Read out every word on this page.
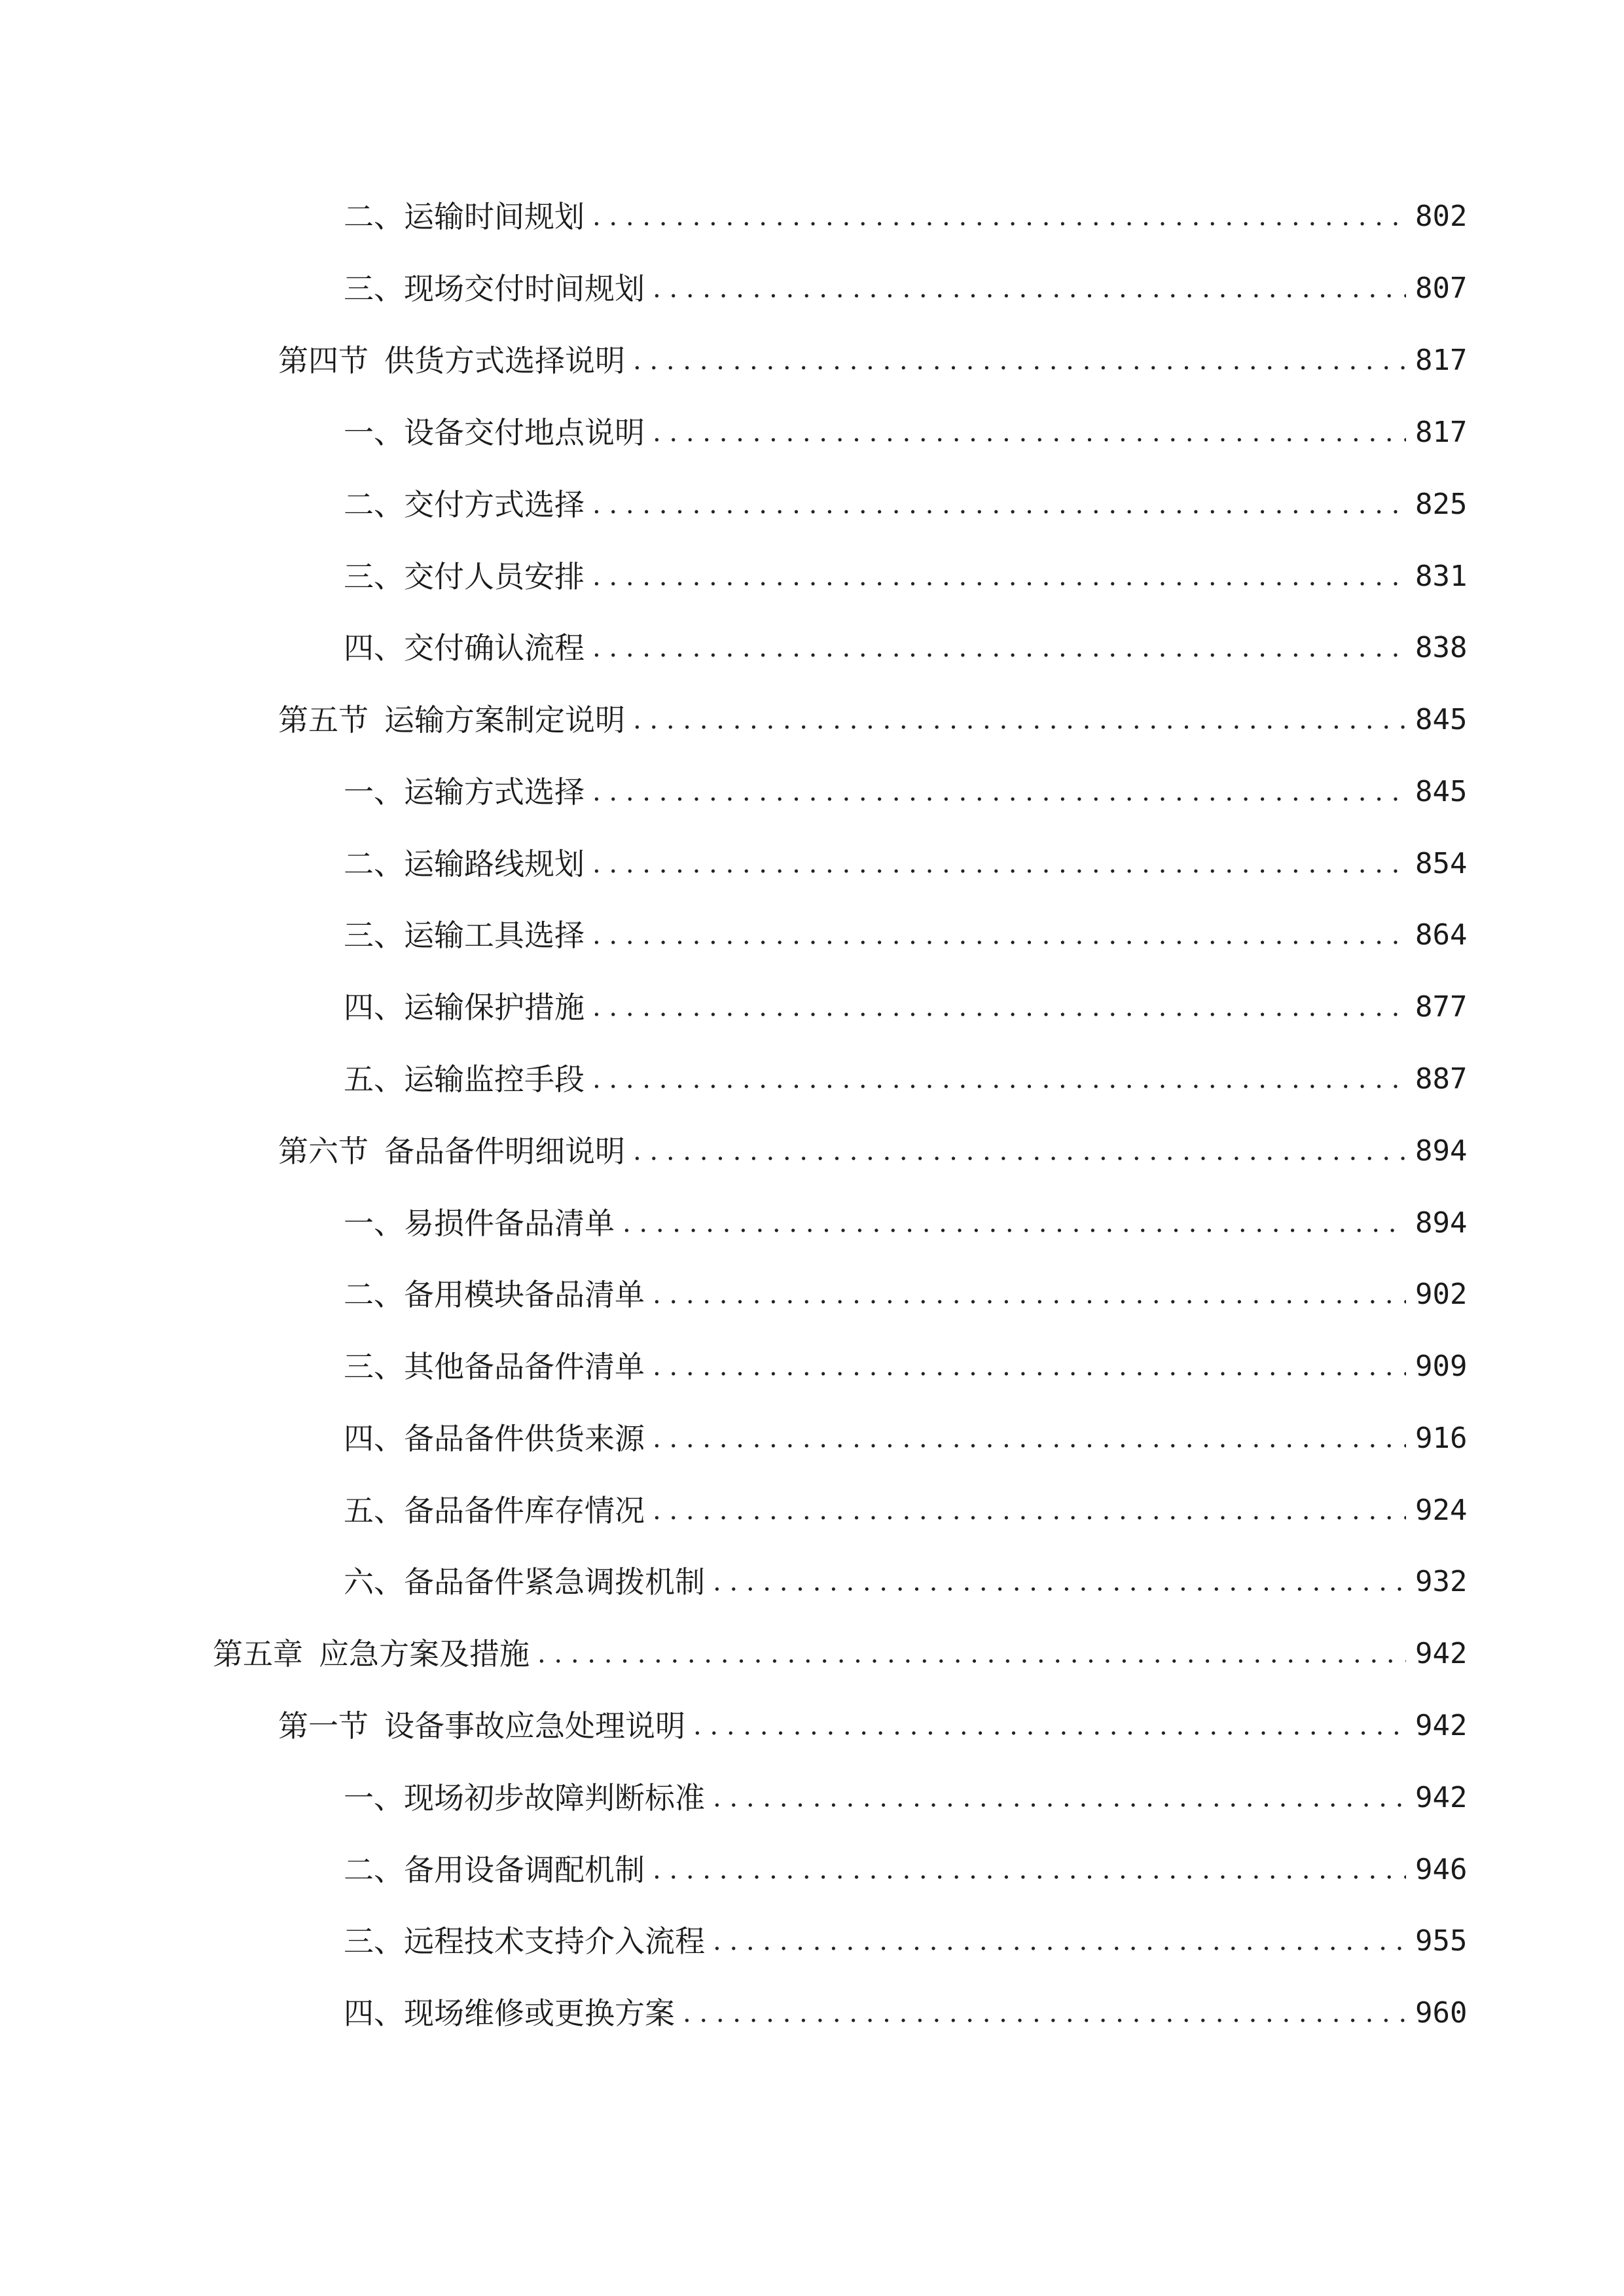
二、 运输时间规划 . . .	802
三、 现场交付时间规划 . . .	807
第四节 供货方式选择说明 . . .	817
一、 设备交付地点说明 . . .	817
二、 交付方式选择 . . .	825
三、 交付人员安排 . . .	831
四、 交付确认流程 . . .	838
第五节 运输方案制定说明 . . .	845
一、 运输方式选择 . . .	845
二、 运输路线规划 . . .	854
三、 运输工具选择 . . .	864
四、 运输保护措施 . . .	877
五、 运输监控手段 . . .	887
第六节 备品备件明细说明 . . .	894
一、 易损件备品清单 . . .	894
二、 备用模块备品清单 . . .	902
三、 其他备品备件清单 . . .	909
四、 备品备件供货来源 . . .	916
五、 备品备件库存情况 . . .	924
六、 备品备件紧急调拨机制 . . .	932
第五章 应急方案及措施 . . .	942
第一节 设备事故应急处理说明 . . .	942
一、 现场初步故障判断标准 . . .	942
二、 备用设备调配机制 . . .	946
三、 远程技术支持介入流程 . . .	955
四、 现场维修或更换方案 . . .	960
